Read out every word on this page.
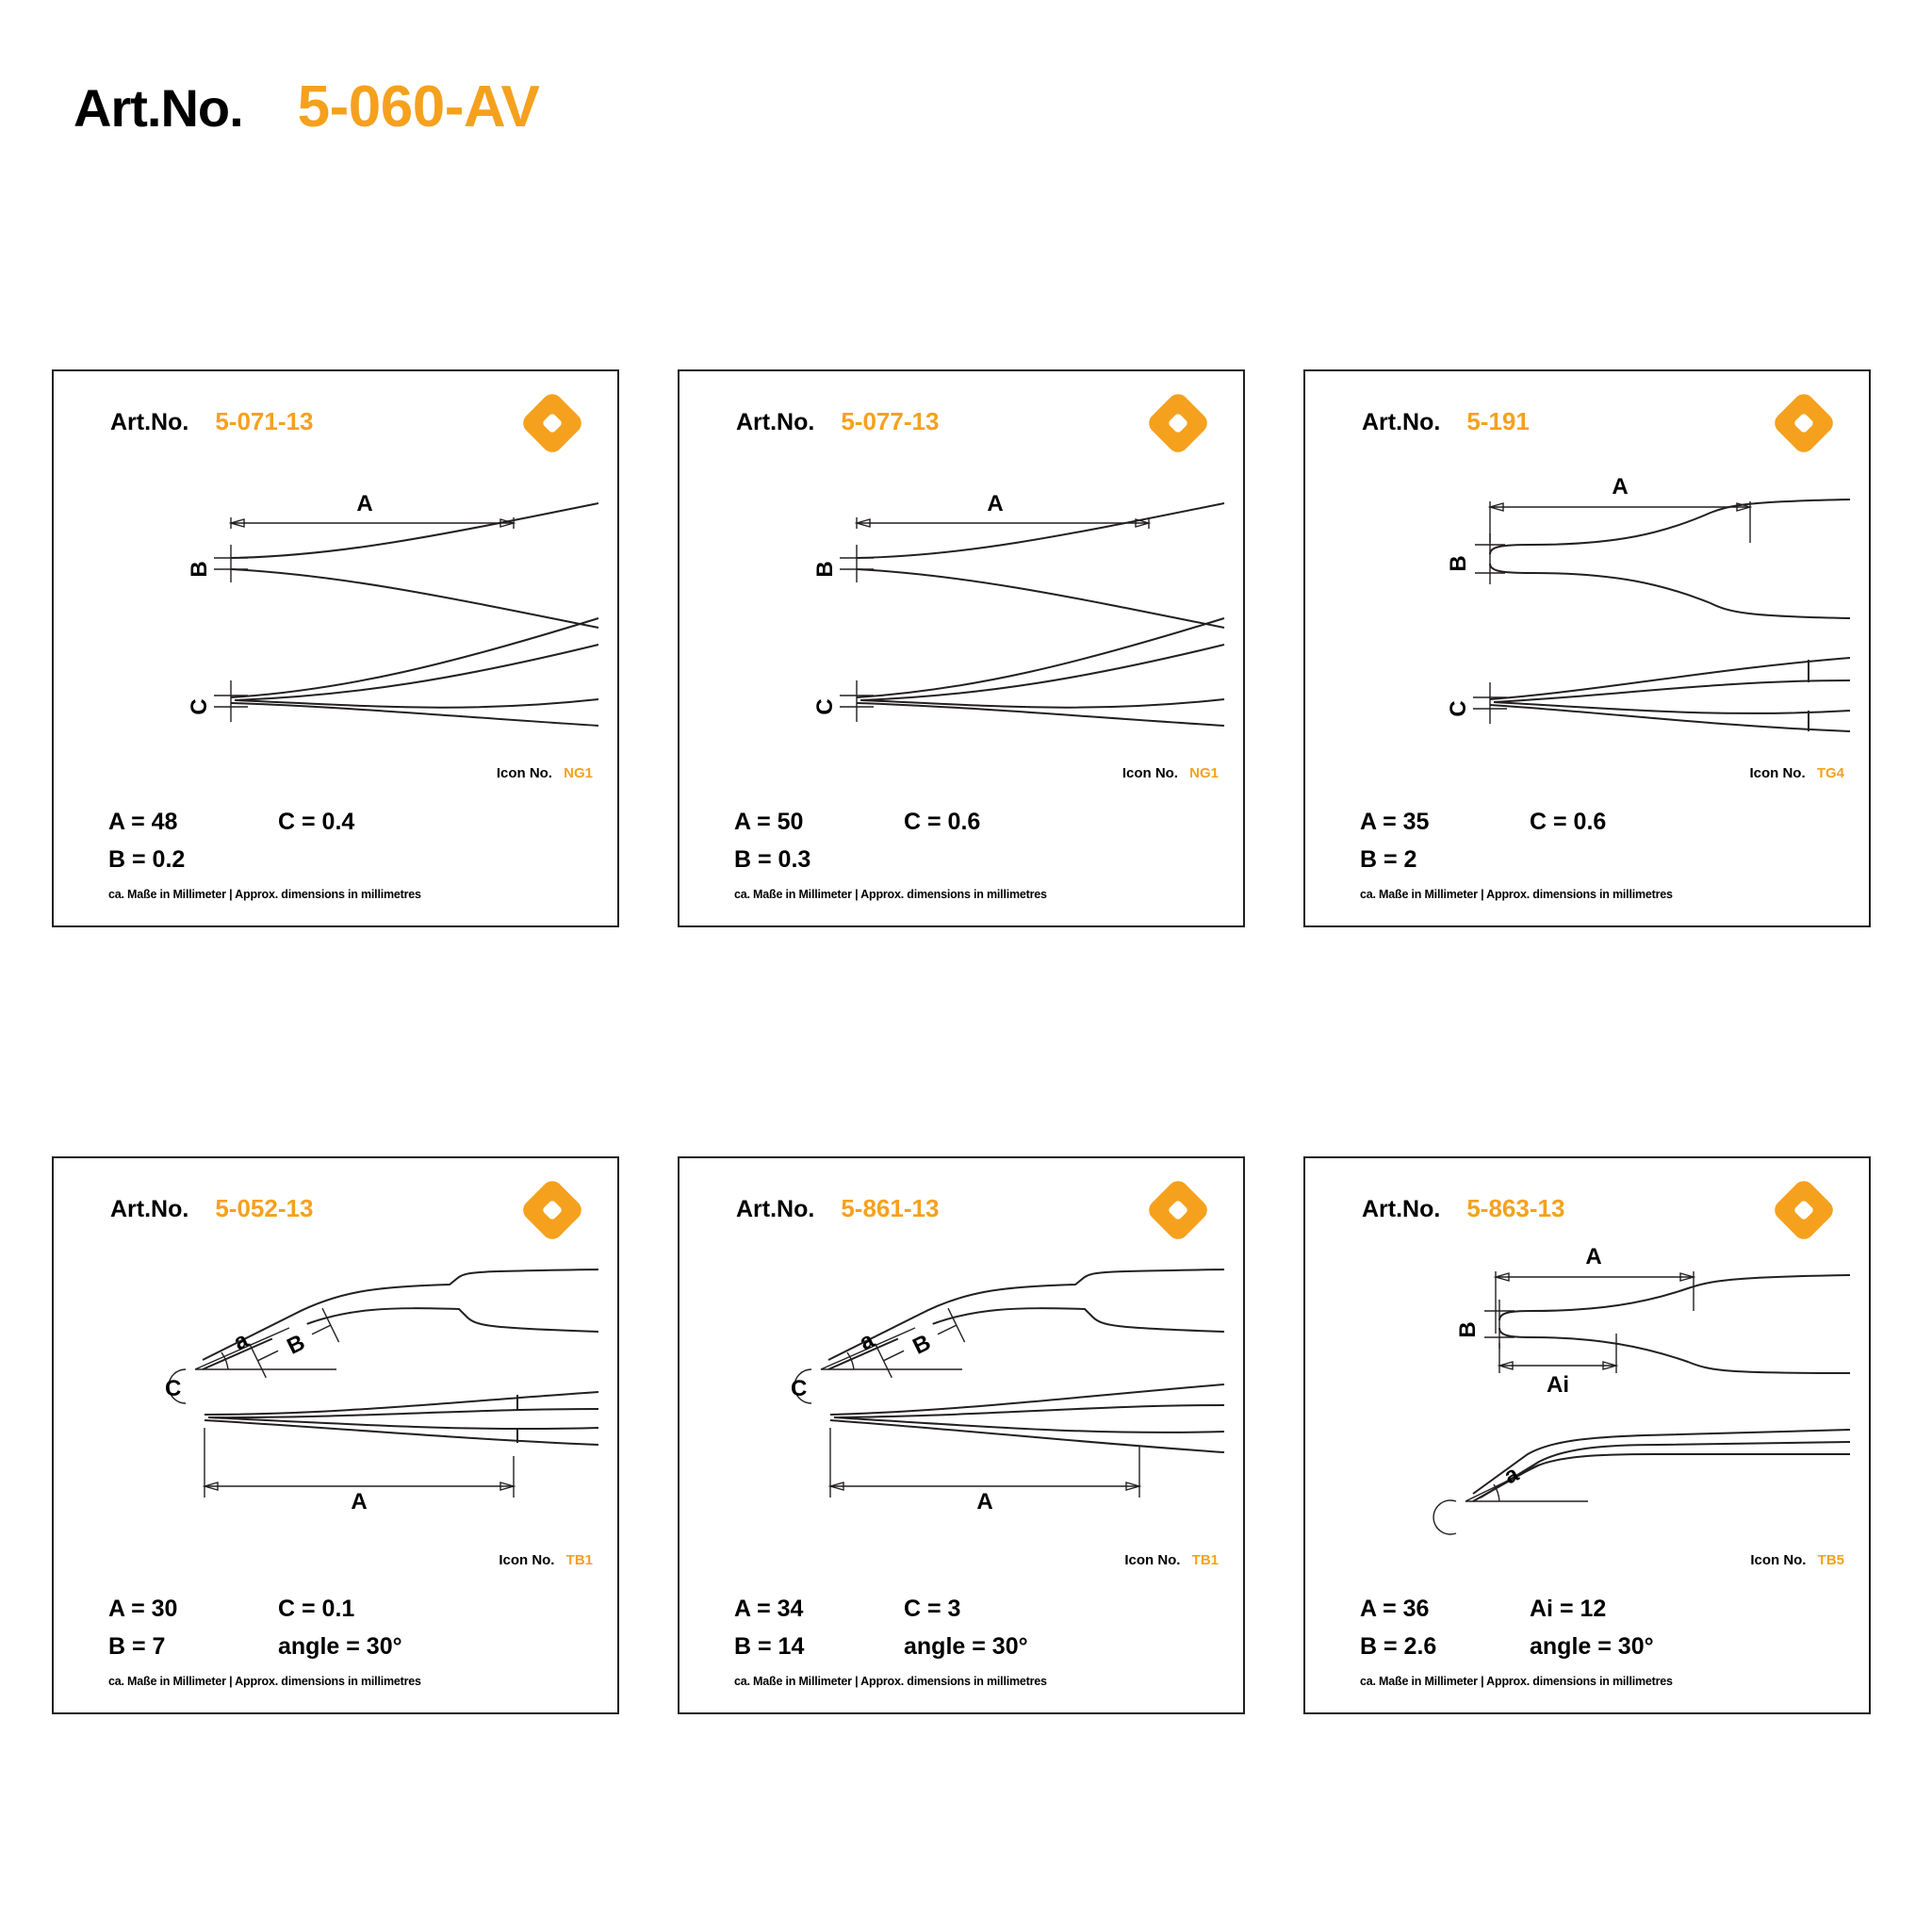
Art.No. 5-060-AV
Art.No. 5-071-13
A
B
C
Icon No. NG1
A = 48	C = 0.4
B = 0.2
ca. Maße in Millimeter | Approx. dimensions in millimetres
Art.No. 5-077-13
A
B
C
Icon No. NG1
A = 50	C = 0.6
B = 0.3
ca. Maße in Millimeter | Approx. dimensions in millimetres
Art.No. 5-191
A
B
C
Icon No. TG4
A = 35	C = 0.6
B = 2
ca. Maße in Millimeter | Approx. dimensions in millimetres
Art.No. 5-052-13
a
C
B
A
Icon No. TB1
A = 30	C = 0.1
B = 7	angle = 30°
ca. Maße in Millimeter | Approx. dimensions in millimetres
Art.No. 5-861-13
a
C
B
A
Icon No. TB1
A = 34	C = 3
B = 14	angle = 30°
ca. Maße in Millimeter | Approx. dimensions in millimetres
Art.No. 5-863-13
A
B
Ai
a
Icon No. TB5
A = 36	Ai = 12
B = 2.6	angle = 30°
ca. Maße in Millimeter | Approx. dimensions in millimetres
